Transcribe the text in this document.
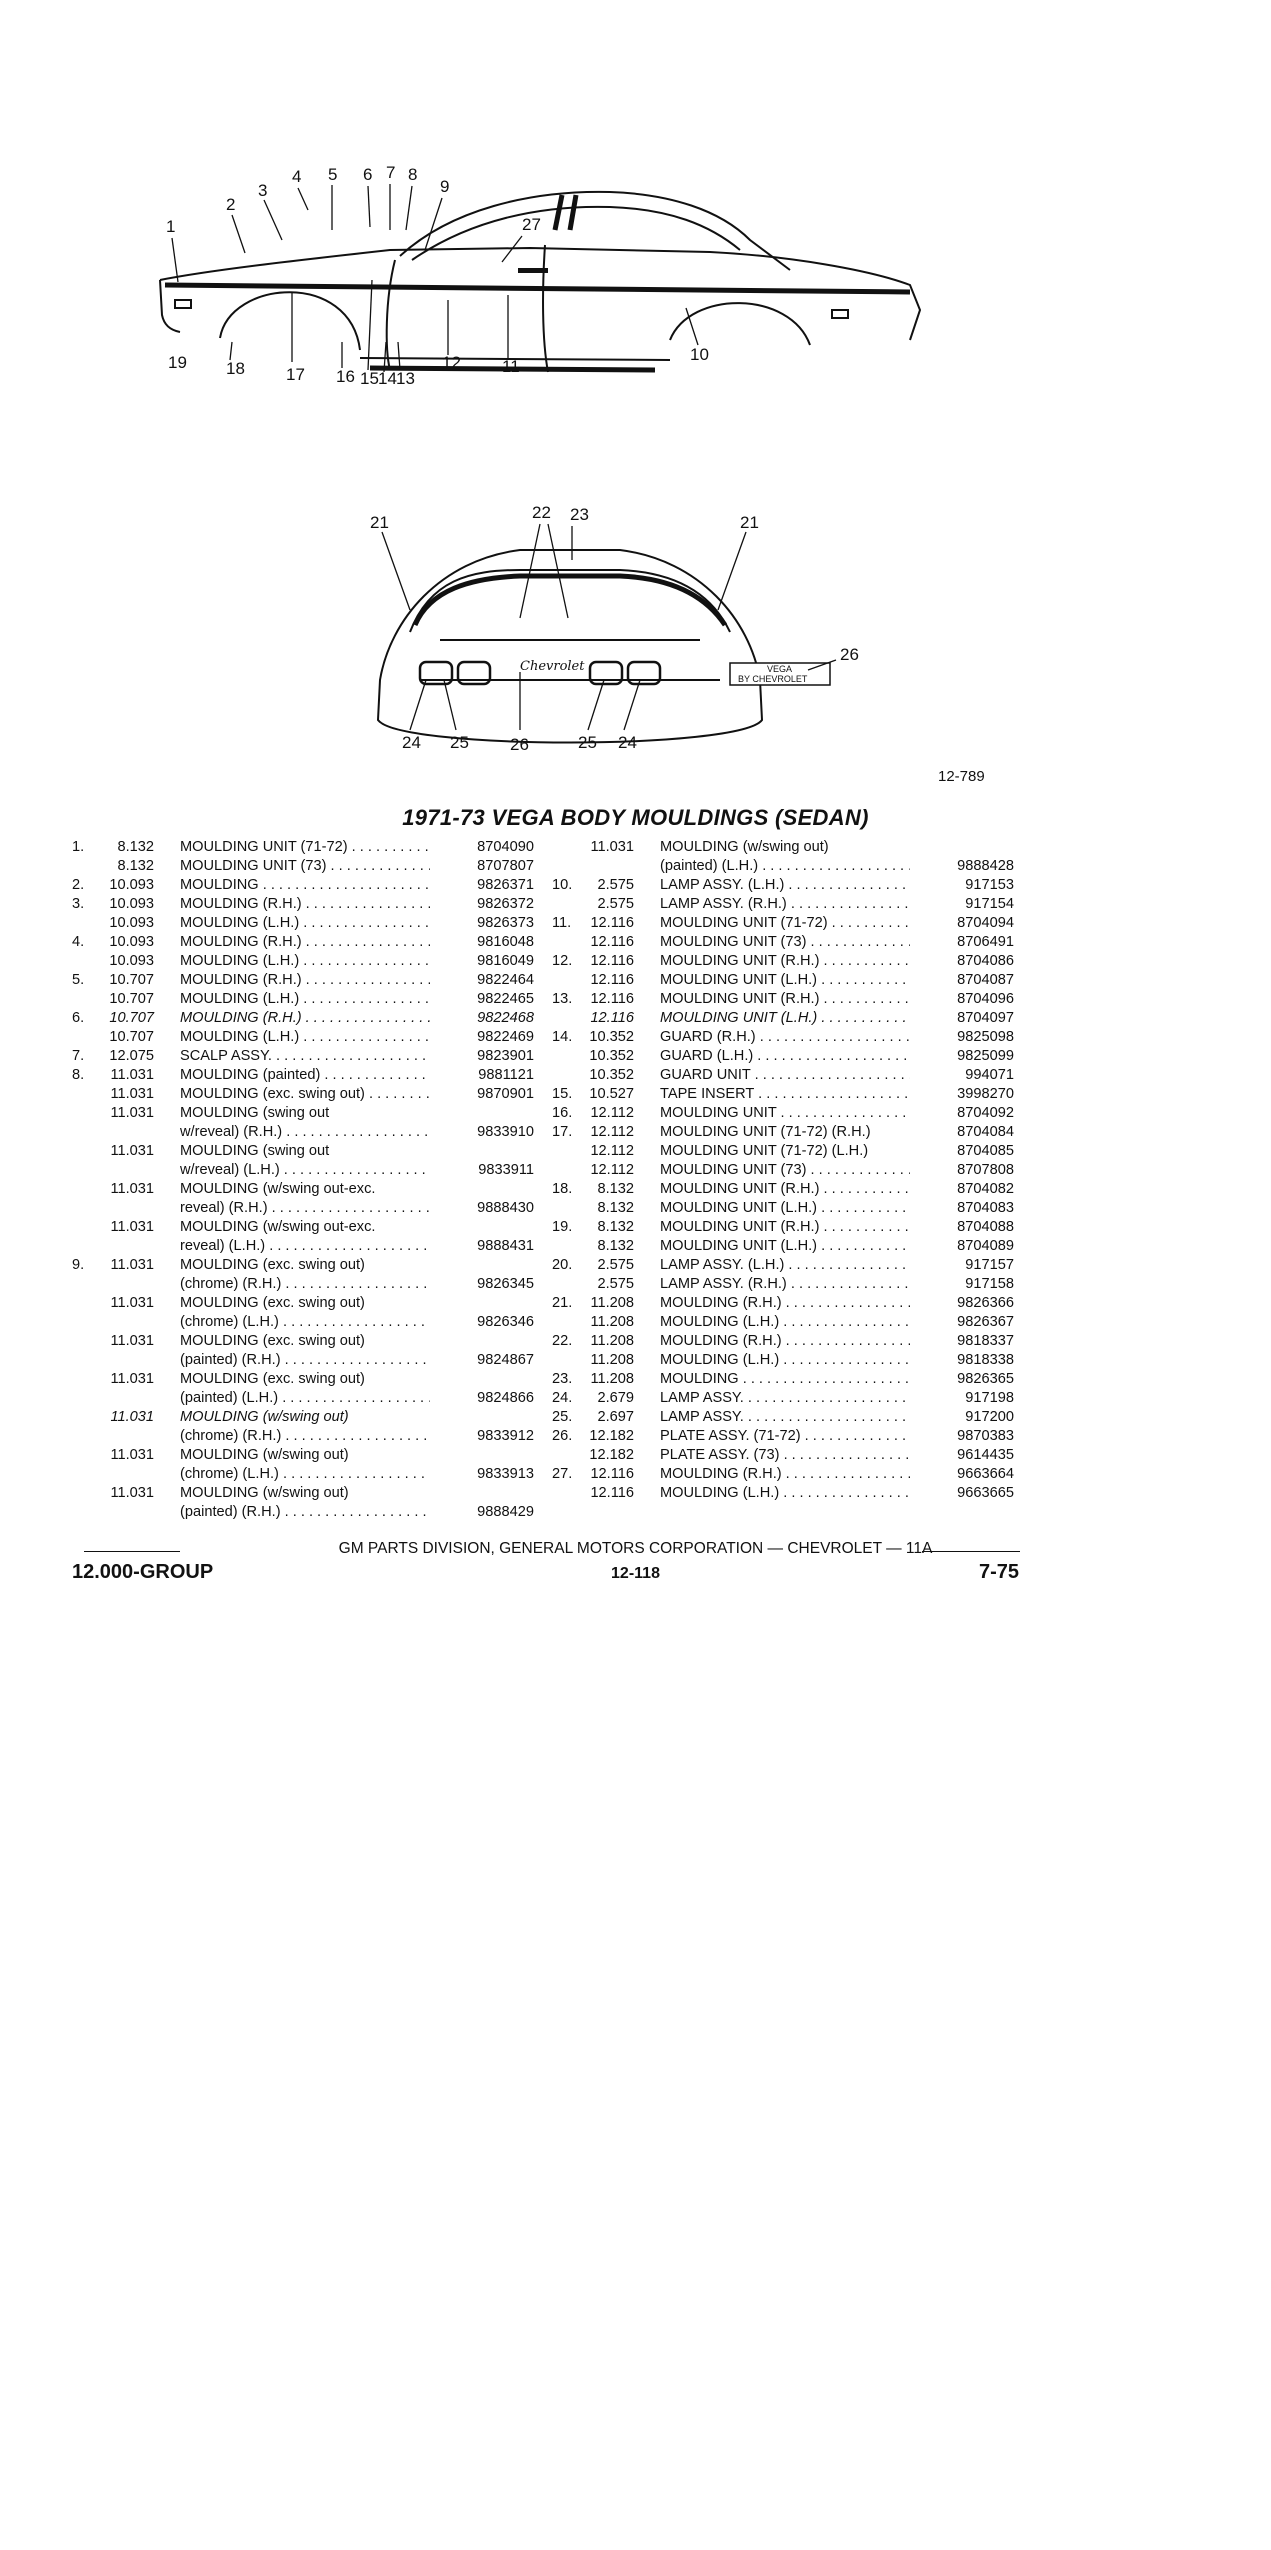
1
2
3
4 5 6 7 8
9
27
10
11
12
13
14
15
16
17
18
19
Chevrolet	VEGA
BY CHEVROLET
21
22 23	21
26
24 25 26	25 24
12-789
1971-73 VEGA BODY MOULDINGS (SEDAN)
1.	8.132 MOULDING UNIT (71-72) . . .	8704090
8.132 MOULDING UNIT (73) . . .	8707807
2.	10.093 MOULDING . . .	9826371
3.	10.093 MOULDING (R.H.) . . .	9826372
10.093 MOULDING (L.H.) . . .	9826373
4.	10.093 MOULDING (R.H.) . . .	9816048
10.093 MOULDING (L.H.) . . .	9816049
5.	10.707 MOULDING (R.H.) . . .	9822464
10.707 MOULDING (L.H.) . . .	9822465
6.	10.707 MOULDING (R.H.) . . .	9822468
10.707 MOULDING (L.H.) . . .	9822469
7.	12.075 SCALP ASSY. . . .	9823901
8.	11.031 MOULDING (painted) . . .	9881121
11.031 MOULDING (exc. swing out) . . .	9870901
11.031 MOULDING (swing out
w/reveal) (R.H.) . . .	9833910
11.031 MOULDING (swing out
w/reveal) (L.H.) . . .	9833911
11.031 MOULDING (w/swing out-exc.
reveal) (R.H.) . . .	9888430
11.031 MOULDING (w/swing out-exc.
reveal) (L.H.) . . .	9888431
9.	11.031 MOULDING (exc. swing out)
(chrome) (R.H.) . . .	9826345
11.031 MOULDING (exc. swing out)
(chrome) (L.H.) . . .	9826346
11.031 MOULDING (exc. swing out)
(painted) (R.H.) . . .	9824867
11.031 MOULDING (exc. swing out)
(painted) (L.H.) . . .	9824866
11.031 MOULDING (w/swing out)
(chrome) (R.H.) . . .	9833912
11.031 MOULDING (w/swing out)
(chrome) (L.H.) . . .	9833913
11.031 MOULDING (w/swing out)
(painted) (R.H.) . . .	9888429
11.031 MOULDING (w/swing out)
(painted) (L.H.) . . .	9888428
10.	2.575 LAMP ASSY. (L.H.) . . .	917153
2.575 LAMP ASSY. (R.H.) . . .	917154
11.	12.116 MOULDING UNIT (71-72) . . .	8704094
12.116 MOULDING UNIT (73) . . .	8706491
12.	12.116 MOULDING UNIT (R.H.) . . .	8704086
12.116 MOULDING UNIT (L.H.) . . .	8704087
13.	12.116 MOULDING UNIT (R.H.) . . .	8704096
12.116 MOULDING UNIT (L.H.) . . .	8704097
14.	10.352 GUARD (R.H.) . . .	9825098
10.352 GUARD (L.H.) . . .	9825099
10.352 GUARD UNIT . . .	994071
15.	10.527 TAPE INSERT . . .	3998270
16.	12.112 MOULDING UNIT . . .	8704092
17.	12.112 MOULDING UNIT (71-72) (R.H.)	8704084
12.112 MOULDING UNIT (71-72) (L.H.)	8704085
12.112 MOULDING UNIT (73) . . .	8707808
18.	8.132 MOULDING UNIT (R.H.) . . .	8704082
8.132 MOULDING UNIT (L.H.) . . .	8704083
19.	8.132 MOULDING UNIT (R.H.) . . .	8704088
8.132 MOULDING UNIT (L.H.) . . .	8704089
20.	2.575 LAMP ASSY. (L.H.) . . .	917157
2.575 LAMP ASSY. (R.H.) . . .	917158
21.	11.208 MOULDING (R.H.) . . .	9826366
11.208 MOULDING (L.H.) . . .	9826367
22.	11.208 MOULDING (R.H.) . . .	9818337
11.208 MOULDING (L.H.) . . .	9818338
23.	11.208 MOULDING . . .	9826365
24.	2.679 LAMP ASSY. . . .	917198
25.	2.697 LAMP ASSY. . . .	917200
26.	12.182 PLATE ASSY. (71-72) . . .	9870383
12.182 PLATE ASSY. (73) . . .	9614435
27.	12.116 MOULDING (R.H.) . . .	9663664
12.116 MOULDING (L.H.) . . .	9663665
GM PARTS DIVISION, GENERAL MOTORS CORPORATION — CHEVROLET — 11A
12.000-GROUP	12-118	7-75
